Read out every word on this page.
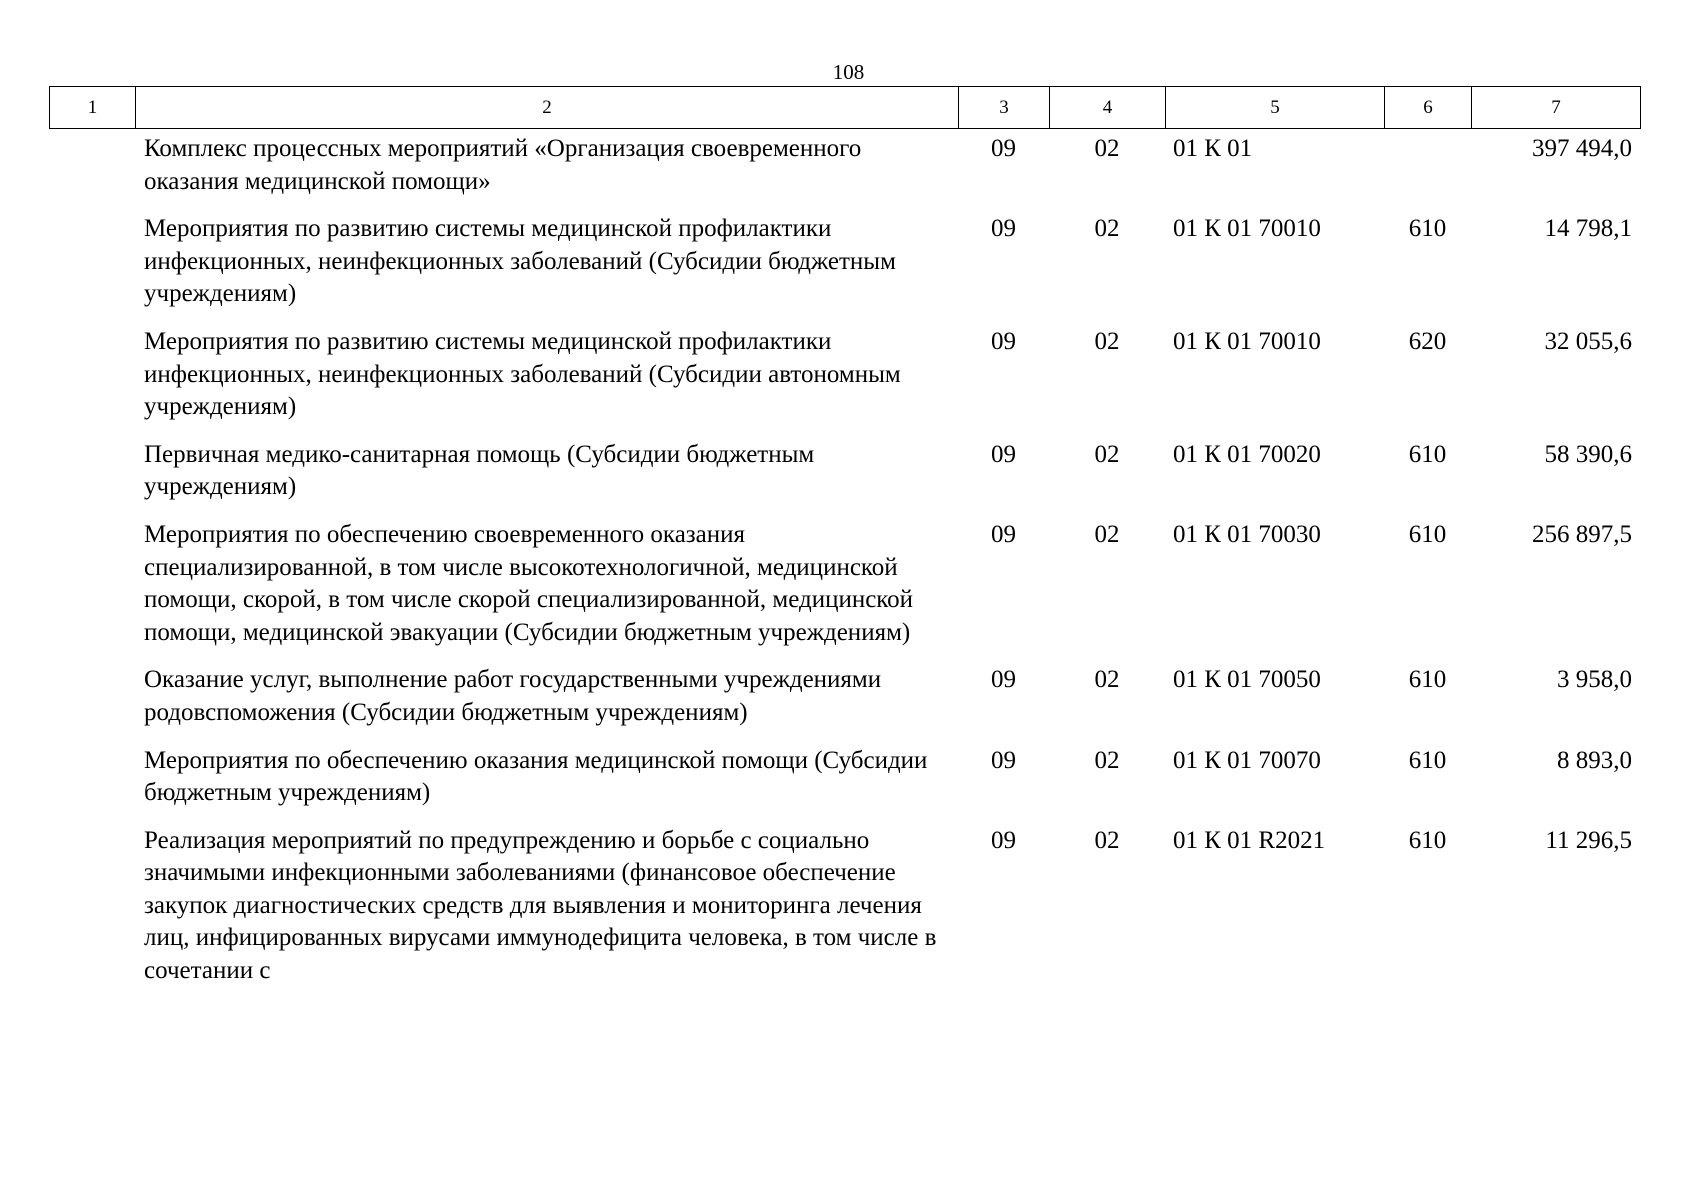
108
1	2	3	4	5	6	7
Комплекс процессных мероприятий «Организация своевременного оказания медицинской помощи»	09	02	01 К 01		397 494,0
Мероприятия по развитию системы медицинской профилактики инфекционных, неинфекционных заболеваний (Субсидии бюджетным учреждениям)	09	02	01 К 01 70010	610	14 798,1
Мероприятия по развитию системы медицинской профилактики инфекционных, неинфекционных заболеваний (Субсидии автономным учреждениям)	09	02	01 К 01 70010	620	32 055,6
Первичная медико-санитарная помощь (Субсидии бюджетным учреждениям)	09	02	01 К 01 70020	610	58 390,6
Мероприятия по обеспечению своевременного оказания специализированной, в том числе высокотехнологичной, медицинской помощи, скорой, в том числе скорой специализированной, медицинской помощи, медицинской эвакуации (Субсидии бюджетным учреждениям)	09	02	01 К 01 70030	610	256 897,5
Оказание услуг, выполнение работ государственными учреждениями родовспоможения (Субсидии бюджетным учреждениям)	09	02	01 К 01 70050	610	3 958,0
Мероприятия по обеспечению оказания медицинской помощи (Субсидии бюджетным учреждениям)	09	02	01 К 01 70070	610	8 893,0
Реализация мероприятий по предупреждению и борьбе с социально значимыми инфекционными заболеваниями (финансовое обеспечение закупок диагностических средств для выявления и мониторинга лечения лиц, инфицированных вирусами иммунодефицита человека, в том числе в сочетании с	09	02	01 К 01 R2021	610	11 296,5
